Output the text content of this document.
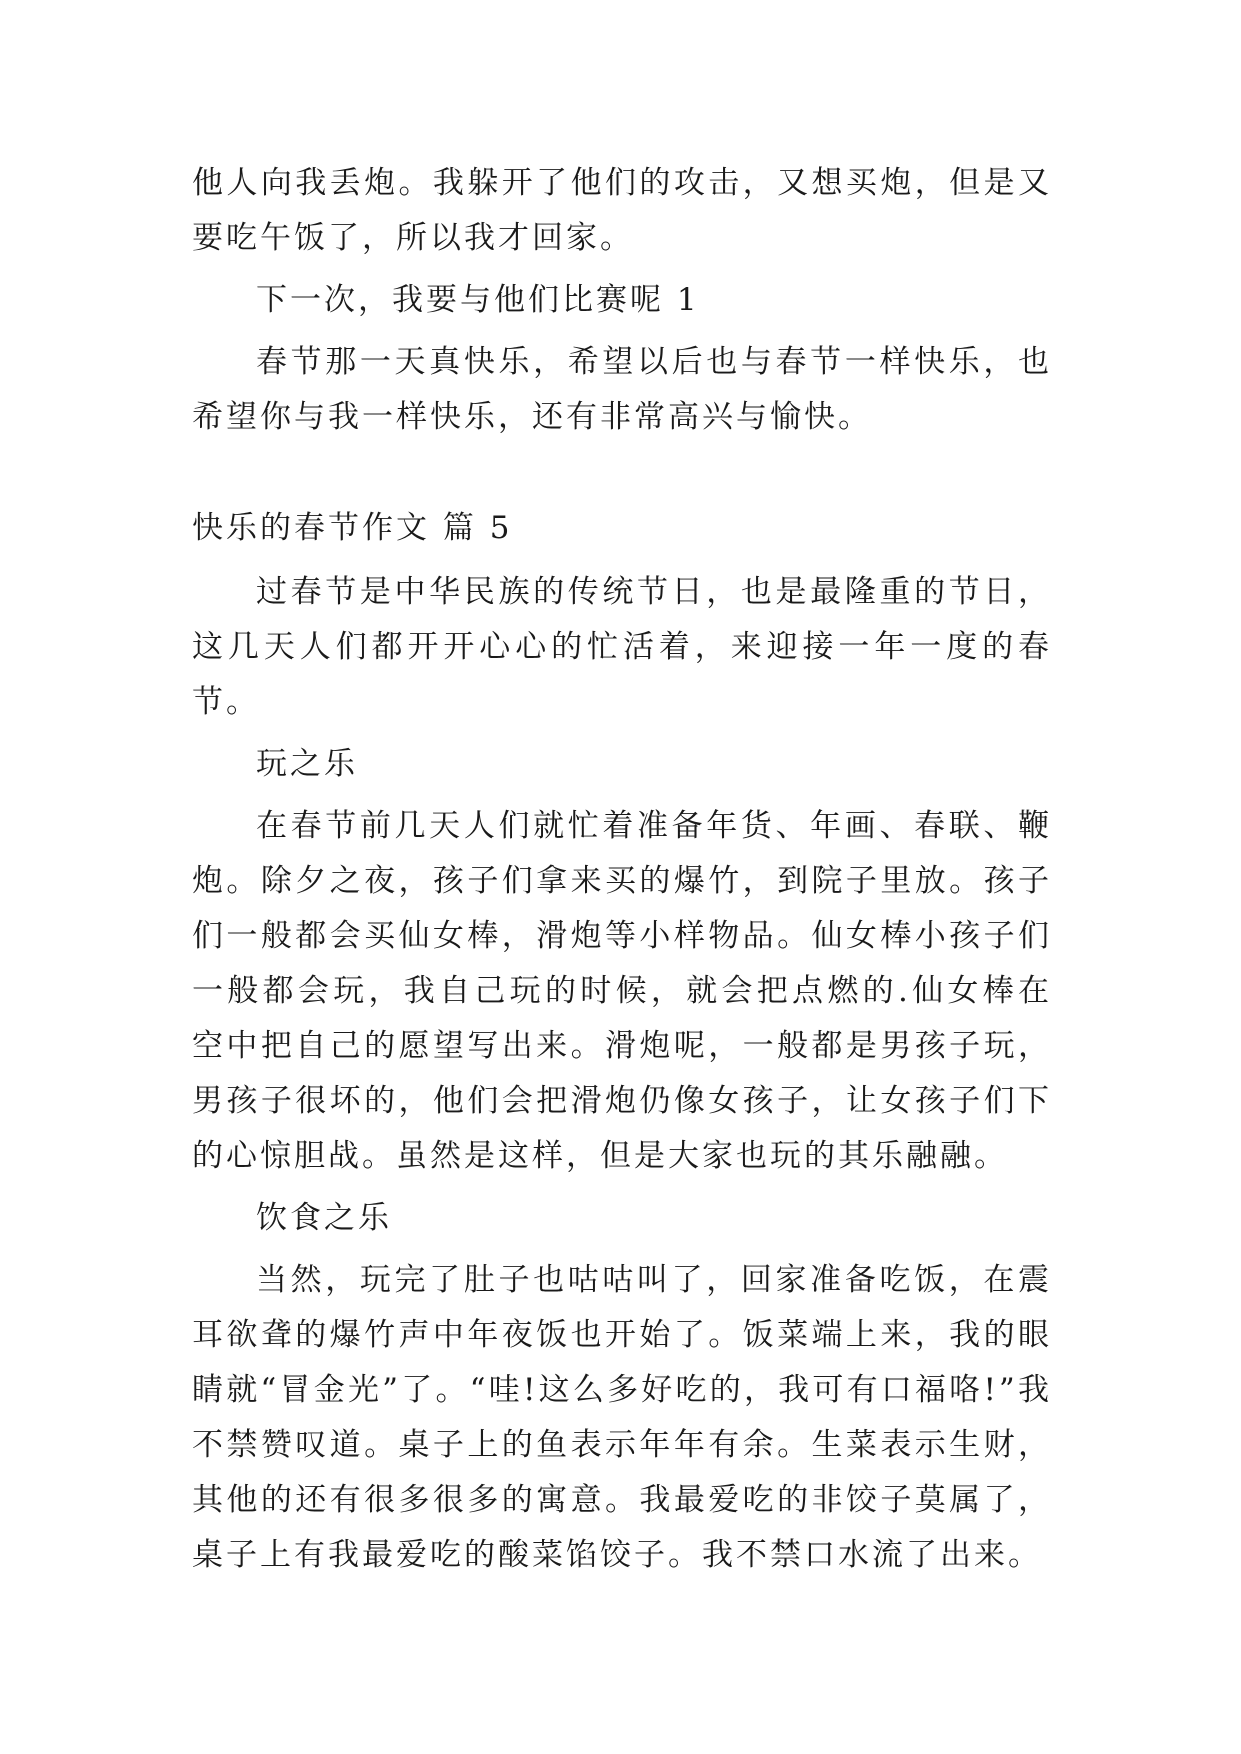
他人向我丢炮。我躲开了他们的攻击，又想买炮，但是又要吃午饭了，所以我才回家。

下一次，我要与他们比赛呢 1

春节那一天真快乐，希望以后也与春节一样快乐，也希望你与我一样快乐，还有非常高兴与愉快。

快乐的春节作文 篇 5

过春节是中华民族的传统节日，也是最隆重的节日，这几天人们都开开心心的忙活着，来迎接一年一度的春节。

玩之乐

在春节前几天人们就忙着准备年货、年画、春联、鞭炮。除夕之夜，孩子们拿来买的爆竹，到院子里放。孩子们一般都会买仙女棒，滑炮等小样物品。仙女棒小孩子们一般都会玩，我自己玩的时候，就会把点燃的.仙女棒在空中把自己的愿望写出来。滑炮呢，一般都是男孩子玩，男孩子很坏的，他们会把滑炮仍像女孩子，让女孩子们下的心惊胆战。虽然是这样，但是大家也玩的其乐融融。

饮食之乐

当然，玩完了肚子也咕咕叫了，回家准备吃饭，在震耳欲聋的爆竹声中年夜饭也开始了。饭菜端上来，我的眼睛就“冒金光”了。“哇!这么多好吃的，我可有口福咯!”我不禁赞叹道。桌子上的鱼表示年年有余。生菜表示生财，其他的还有很多很多的寓意。我最爱吃的非饺子莫属了，桌子上有我最爱吃的酸菜馅饺子。我不禁口水流了出来。
